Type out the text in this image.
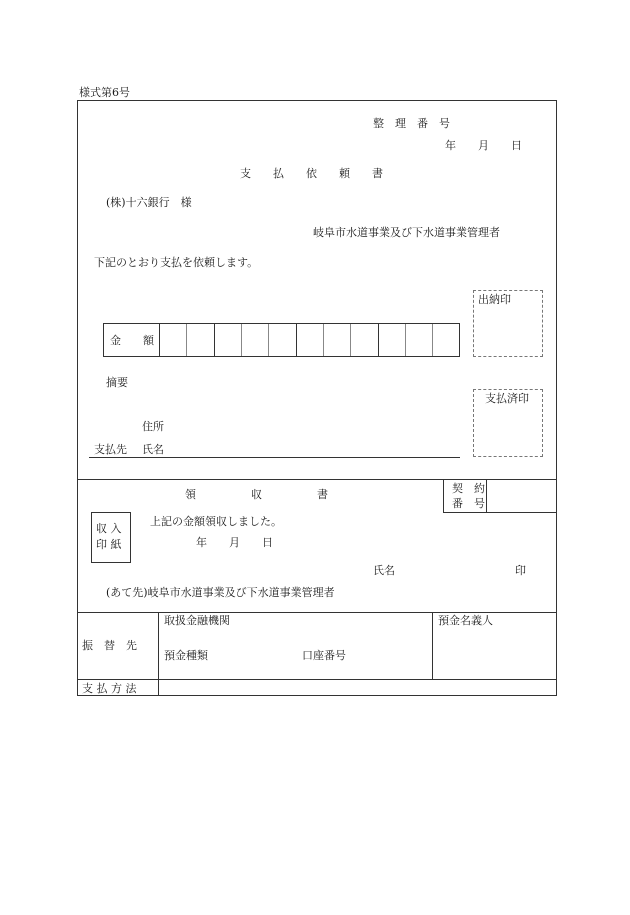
様式第6号
整　理　番　号
年　　月　　日
支　　払　　依　　頼　　書
(株)十六銀行　様
岐阜市水道事業及び下水道事業管理者
下記のとおり支払を依頼します。
出納印
金　　額
摘要
支払済印
住所
支払先 氏名
領　　　　　収　　　　　書	契　約
番　号
収 入
印 紙
上記の金額領収しました。
年　　月　　日
氏名	印
(あて先)岐阜市水道事業及び下水道事業管理者
振　替　先
取扱金融機関	預金名義人
預金種類	口座番号
支 払 方 法
